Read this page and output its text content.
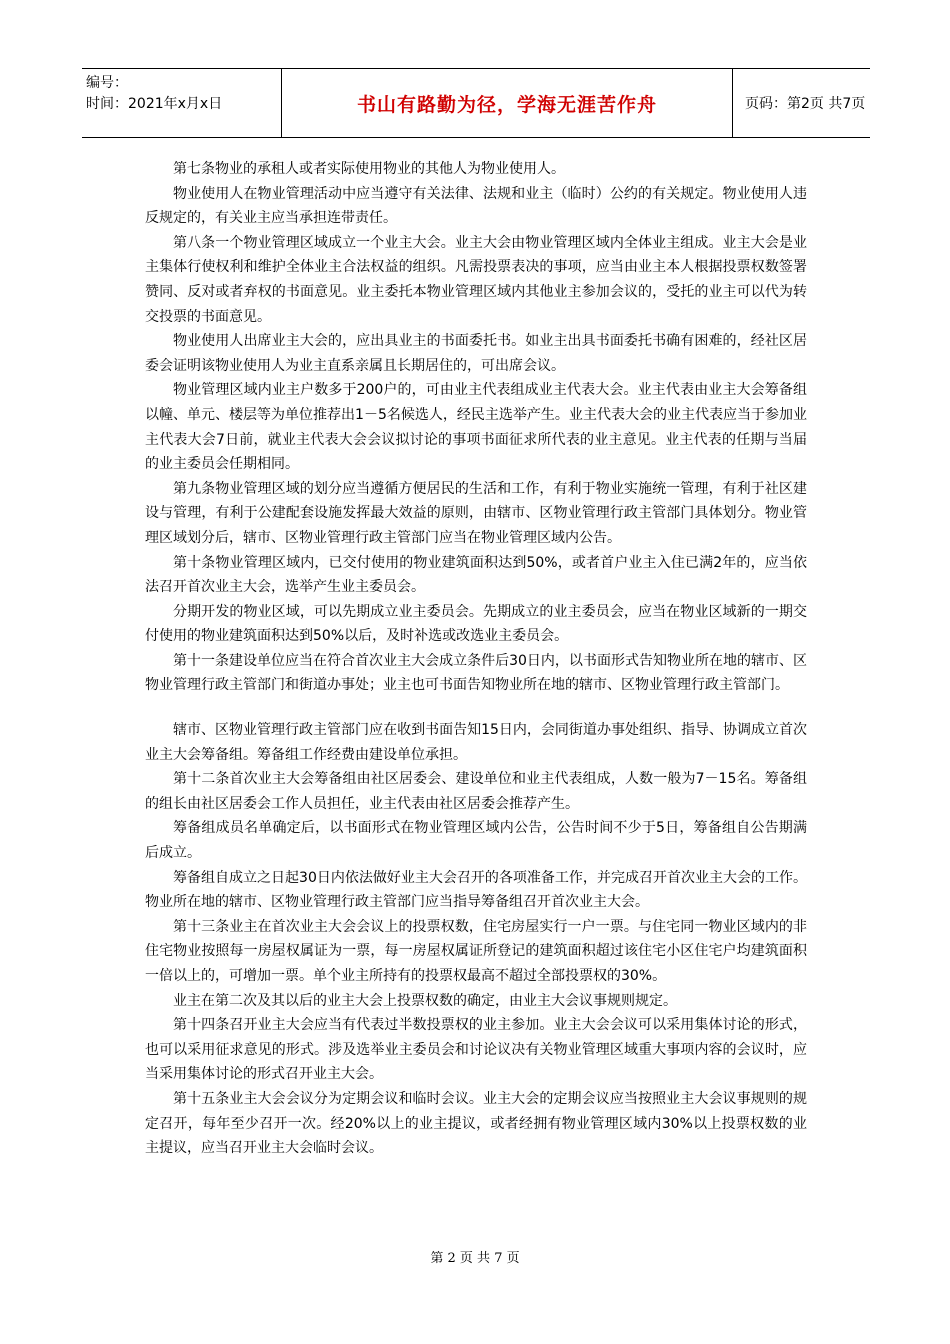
编号：
时间：2021年x月x日	书山有路勤为径，学海无涯苦作舟	页码：第2页 共7页

第七条物业的承租人或者实际使用物业的其他人为物业使用人。

物业使用人在物业管理活动中应当遵守有关法律、法规和业主（临时）公约的有关规定。物业使用人违反规定的，有关业主应当承担连带责任。

第八条一个物业管理区域成立一个业主大会。业主大会由物业管理区域内全体业主组成。业主大会是业主集体行使权利和维护全体业主合法权益的组织。凡需投票表决的事项，应当由业主本人根据投票权数签署赞同、反对或者弃权的书面意见。业主委托本物业管理区域内其他业主参加会议的，受托的业主可以代为转交投票的书面意见。

物业使用人出席业主大会的，应出具业主的书面委托书。如业主出具书面委托书确有困难的，经社区居委会证明该物业使用人为业主直系亲属且长期居住的，可出席会议。

物业管理区域内业主户数多于200户的，可由业主代表组成业主代表大会。业主代表由业主大会筹备组以幢、单元、楼层等为单位推荐出1－5名候选人，经民主选举产生。业主代表大会的业主代表应当于参加业主代表大会7日前，就业主代表大会会议拟讨论的事项书面征求所代表的业主意见。业主代表的任期与当届的业主委员会任期相同。

第九条物业管理区域的划分应当遵循方便居民的生活和工作，有利于物业实施统一管理，有利于社区建设与管理，有利于公建配套设施发挥最大效益的原则，由辖市、区物业管理行政主管部门具体划分。物业管理区域划分后，辖市、区物业管理行政主管部门应当在物业管理区域内公告。

第十条物业管理区域内，已交付使用的物业建筑面积达到50%，或者首户业主入住已满2年的，应当依法召开首次业主大会，选举产生业主委员会。

分期开发的物业区域，可以先期成立业主委员会。先期成立的业主委员会，应当在物业区域新的一期交付使用的物业建筑面积达到50%以后，及时补选或改选业主委员会。

第十一条建设单位应当在符合首次业主大会成立条件后30日内，以书面形式告知物业所在地的辖市、区物业管理行政主管部门和街道办事处；业主也可书面告知物业所在地的辖市、区物业管理行政主管部门。

辖市、区物业管理行政主管部门应在收到书面告知15日内，会同街道办事处组织、指导、协调成立首次业主大会筹备组。筹备组工作经费由建设单位承担。

第十二条首次业主大会筹备组由社区居委会、建设单位和业主代表组成，人数一般为7－15名。筹备组的组长由社区居委会工作人员担任，业主代表由社区居委会推荐产生。

筹备组成员名单确定后，以书面形式在物业管理区域内公告，公告时间不少于5日，筹备组自公告期满后成立。

筹备组自成立之日起30日内依法做好业主大会召开的各项准备工作，并完成召开首次业主大会的工作。物业所在地的辖市、区物业管理行政主管部门应当指导筹备组召开首次业主大会。

第十三条业主在首次业主大会会议上的投票权数，住宅房屋实行一户一票。与住宅同一物业区域内的非住宅物业按照每一房屋权属证为一票，每一房屋权属证所登记的建筑面积超过该住宅小区住宅户均建筑面积一倍以上的，可增加一票。单个业主所持有的投票权最高不超过全部投票权的30%。

业主在第二次及其以后的业主大会上投票权数的确定，由业主大会议事规则规定。

第十四条召开业主大会应当有代表过半数投票权的业主参加。业主大会会议可以采用集体讨论的形式，也可以采用征求意见的形式。涉及选举业主委员会和讨论议决有关物业管理区域重大事项内容的会议时，应当采用集体讨论的形式召开业主大会。

第十五条业主大会会议分为定期会议和临时会议。业主大会的定期会议应当按照业主大会议事规则的规定召开，每年至少召开一次。经20%以上的业主提议，或者经拥有物业管理区域内30%以上投票权数的业主提议，应当召开业主大会临时会议。

第 2 页 共 7 页
